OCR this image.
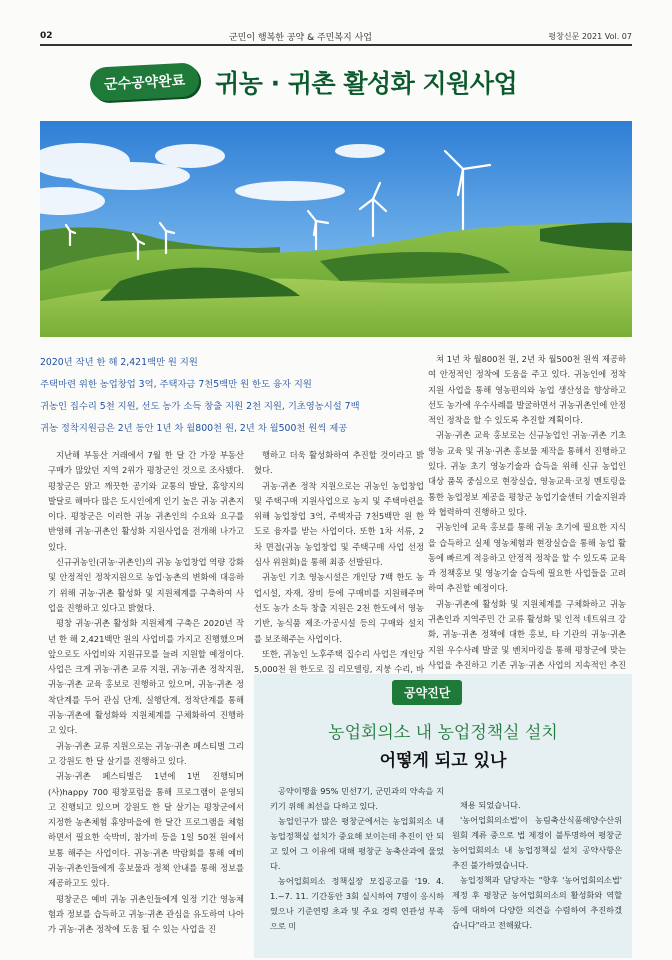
02	군민이 행복한 공약 & 주민복지 사업	평창신문 2021 Vol. 07
군수공약완료	귀농 · 귀촌 활성화 지원사업
2020년 작년 한 해 2,421백만 원 지원
주택마련 위한 농업창업 3억, 주택자금 7천5백만 원 한도 융자 지원
귀농인 집수리 5천 지원, 선도 농가 소득 창출 지원 2천 지원, 기초영농시설 7백
귀농 정착지원금은 2년 동안 1년 차 월800천 원, 2년 차 월500천 원씩 제공

지난해 부동산 거래에서 7월 한 달 간 가장 부동산 구매가 많았던 지역 2위가 평창군인 것으로 조사됐다. 평창군은 맑고 깨끗한 공기와 교통의 발달, 휴양지의 발달로 해마다 많은 도시인에게 인기 높은 귀농 귀촌지이다. 평창군은 이러한 귀농 귀촌인의 수요와 요구를 반영해 귀농·귀촌인 활성화 지원사업을 전개해 나가고 있다.

신규귀농인(귀농·귀촌인)의 귀농 농업창업 역량 강화 및 안정적인 정착지원으로 농업·농촌의 변화에 대응하기 위해 귀농·귀촌 활성화 및 지원체계를 구축하여 사업을 진행하고 있다고 밝혔다.

평창 귀농·귀촌 활성화 지원체계 구축은 2020년 작년 한 해 2,421백만 원의 사업비를 가지고 진행했으며 앞으로도 사업비와 지원규모를 늘려 지원할 예정이다. 사업은 크게 귀농·귀촌 교류 지원, 귀농·귀촌 정착지원, 귀농·귀촌 교육 홍보로 진행하고 있으며, 귀농·귀촌 정착단계를 두어 관심 단계, 실행단계, 정착단계를 통해 귀농·귀촌에 활성화와 지원체계를 구체화하여 진행하고 있다.

귀농·귀촌 교류 지원으로는 귀농·귀촌 페스티벌 그리고 강원도 한 달 살기를 진행하고 있다.

귀농·귀촌 페스티벌은 1년에 1번 진행되며 (사)happy 700 평창포럼을 통해 프로그램이 운영되고 진행되고 있으며 강원도 한 달 살기는 평창군에서 지정한 농촌체험 휴양마을에 한 달간 프로그램을 체험하면서 필요한 숙박비, 참가비 등을 1일 50천 원에서 보통 해주는 사업이다. 귀농·귀촌 박람회를 통해 예비 귀농·귀촌인들에게 홍보물과 정책 안내를 통해 정보를 제공하고도 있다.

평창군은 예비 귀농 귀촌인들에게 일정 기간 영농체험과 정보를 습득하고 귀농·귀촌 관심을 유도하여 나아가 귀농·귀촌 정착에 도움 될 수 있는 사업을 진

행하고 더욱 활성화하여 추진할 것이라고 밝혔다.

귀농·귀촌 정착 지원으로는 귀농인 농업창업 및 주택구매 지원사업으로 농지 및 주택마련을 위해 농업창업 3억, 주택자금 7천5백만 원 한도로 융자를 받는 사업이다. 또한 1차 서류, 2차 면접(귀농 농업창업 및 주택구매 사업 선정심사 위원회)을 통해 최종 선발된다.

귀농인 기초 영농시설은 개인당 7백 한도 농업시설, 자재, 장비 등에 구매비를 지원해주며 선도 농가 소득 창출 지원은 2천 한도에서 영농기반, 농식품 제조·가공시설 등의 구매와 설치를 보조해주는 사업이다.

또한, 귀농인 노후주택 집수리 사업은 개인당 5,000천 원 한도로 집 리모델링, 지붕 수리, 바

쳐 1년 차 월800천 원, 2년 차 월500천 원씩 제공하여 안정적인 정착에 도움을 주고 있다. 귀농인에 정착 지원 사업을 통해 영농편의와 농업 생산성을 향상하고 선도 농가에 우수사례를 발굴하면서 귀농귀촌인에 안정적인 정착을 할 수 있도록 추진할 계획이다.

귀농·귀촌 교육 홍보로는 신규농업인 귀농·귀촌 기초 영농 교육 및 귀농·귀촌 홍보물 제작을 통해서 진행하고 있다. 귀농 초기 영농기술과 습득을 위해 신규 농업인 대상 품목 중심으로 현장실습, 영농교육·코칭 멘토링을 통한 농업정보 제공을 평창군 농업기술센터 기술지원과와 협력하여 진행하고 있다.

귀농인에 교육 홍보를 통해 귀농 초기에 필요한 지식을 습득하고 실제 영농체험과 현장실습을 통해 농업 활동에 빠르게 적응하고 안정적 정착을 할 수 있도록 교육과 정책홍보 및 영농기술 습득에 필요한 사업들을 고려하여 추진할 예정이다.

귀농·귀촌에 활성화 및 지원체계를 구체화하고 귀농 귀촌인과 지역주민 간 교류 활성화 및 인적 네트워크 강화, 귀농·귀촌 정책에 대한 홍보, 타 기관의 귀농·귀촌 지원 우수사례 발굴 및 벤치마킹을 통해 평창군에 맞는 사업을 추진하고 기존 귀농·귀촌 사업의 지속적인 추진

공약진단
농업회의소 내 농업정책실 설치
어떻게 되고 있나

공약이행율 95% 민선7기, 군민과의 약속을 지키기 위해 최선을 다하고 있다.

농업인구가 많은 평창군에서는 농업회의소 내 농업정책실 설치가 중요해 보이는데 추진이 안 되고 있어 그 이유에 대해 평창군 농축산과에 물었다.

농어업회의소 정책실장 모집공고를 '19. 4. 1.~7. 11. 기간동안 3회 실시하여 7명이 응시하였으나 기준연령 초과 및 주요 경력 연관성 부족으로 미

채용 되었습니다.

'농어업회의소법'이 농림축산식품해양수산위원회 계류 중으로 법 제정이 불투명하여 평창군 농어업회의소 내 농업정책실 설치 공약사항은 추진 불가하였습니다.

농업정책과 담당자는 "향후 '농어업회의소법' 제정 후 평창군 농어업회의소의 활성화와 역할 등에 대하여 다양한 의견을 수렴하여 추진하겠습니다"라고 전해왔다.
